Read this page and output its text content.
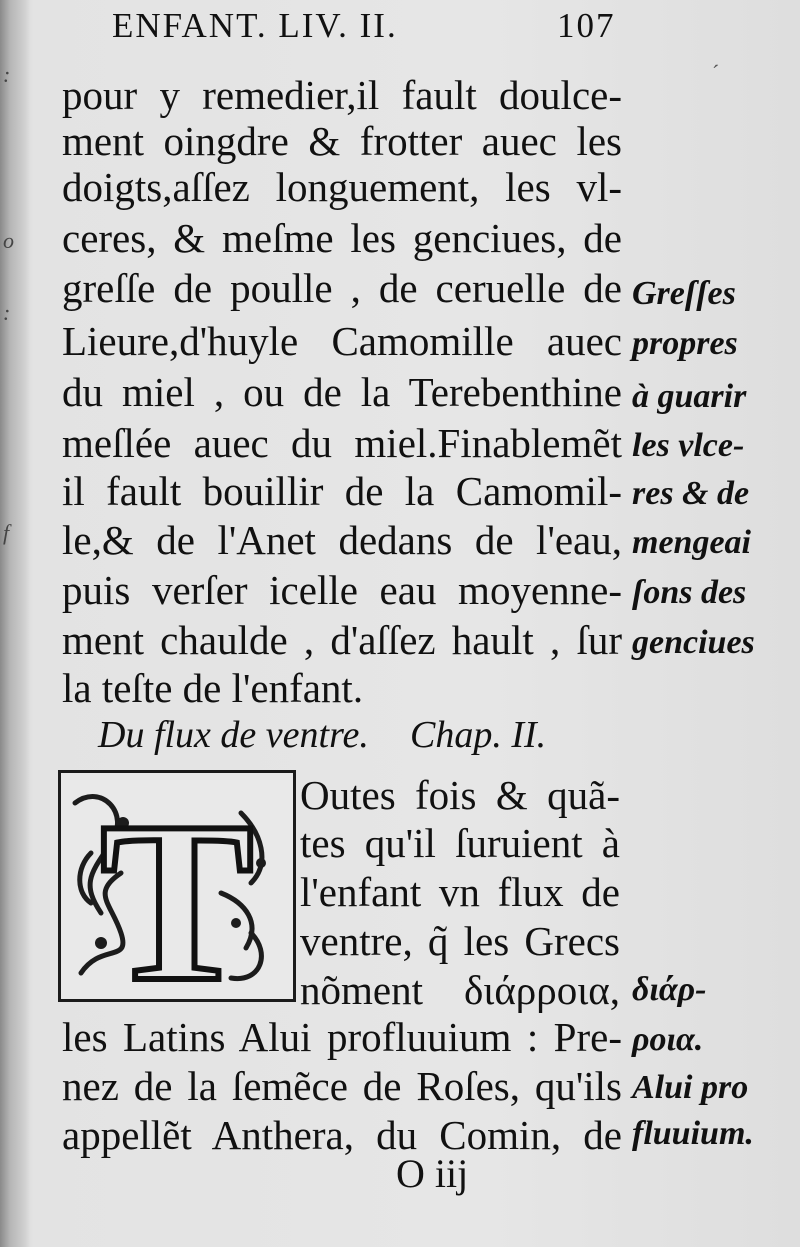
:
o
:
f
ENFANT. LIV. II.	107
´
pour y remedier,il fault doulce-
ment oingdre & frotter auec les
doigts,aſſez longuement, les vl-
ceres, & meſme les genciues, de
greſſe de poulle , de ceruelle de
Lieure,d'huyle Camomille auec
du miel , ou de la Terebenthine
meſlée auec du miel.Finablemẽt
il fault bouillir de la Camomil-
le,& de l'Anet dedans de l'eau,
puis verſer icelle eau moyenne-
ment chaulde , d'aſſez hault , ſur
la teſte de l'enfant.
Du flux de ventre. Chap. II.
T Outes fois & quã-
tes qu'il ſuruient à
l'enfant vn flux de
ventre, q̃ les Grecs
nõment διάρροια,
les Latins Alui profluuium : Pre-
nez de la ſemẽce de Roſes, qu'ils
appellẽt Anthera, du Comin, de
Greſſes
propres
à guarir
les vlce-
res & de
mengeai
ſons des
genciues
διάρ-
ροια.
Alui pro
fluuium.
O iij
